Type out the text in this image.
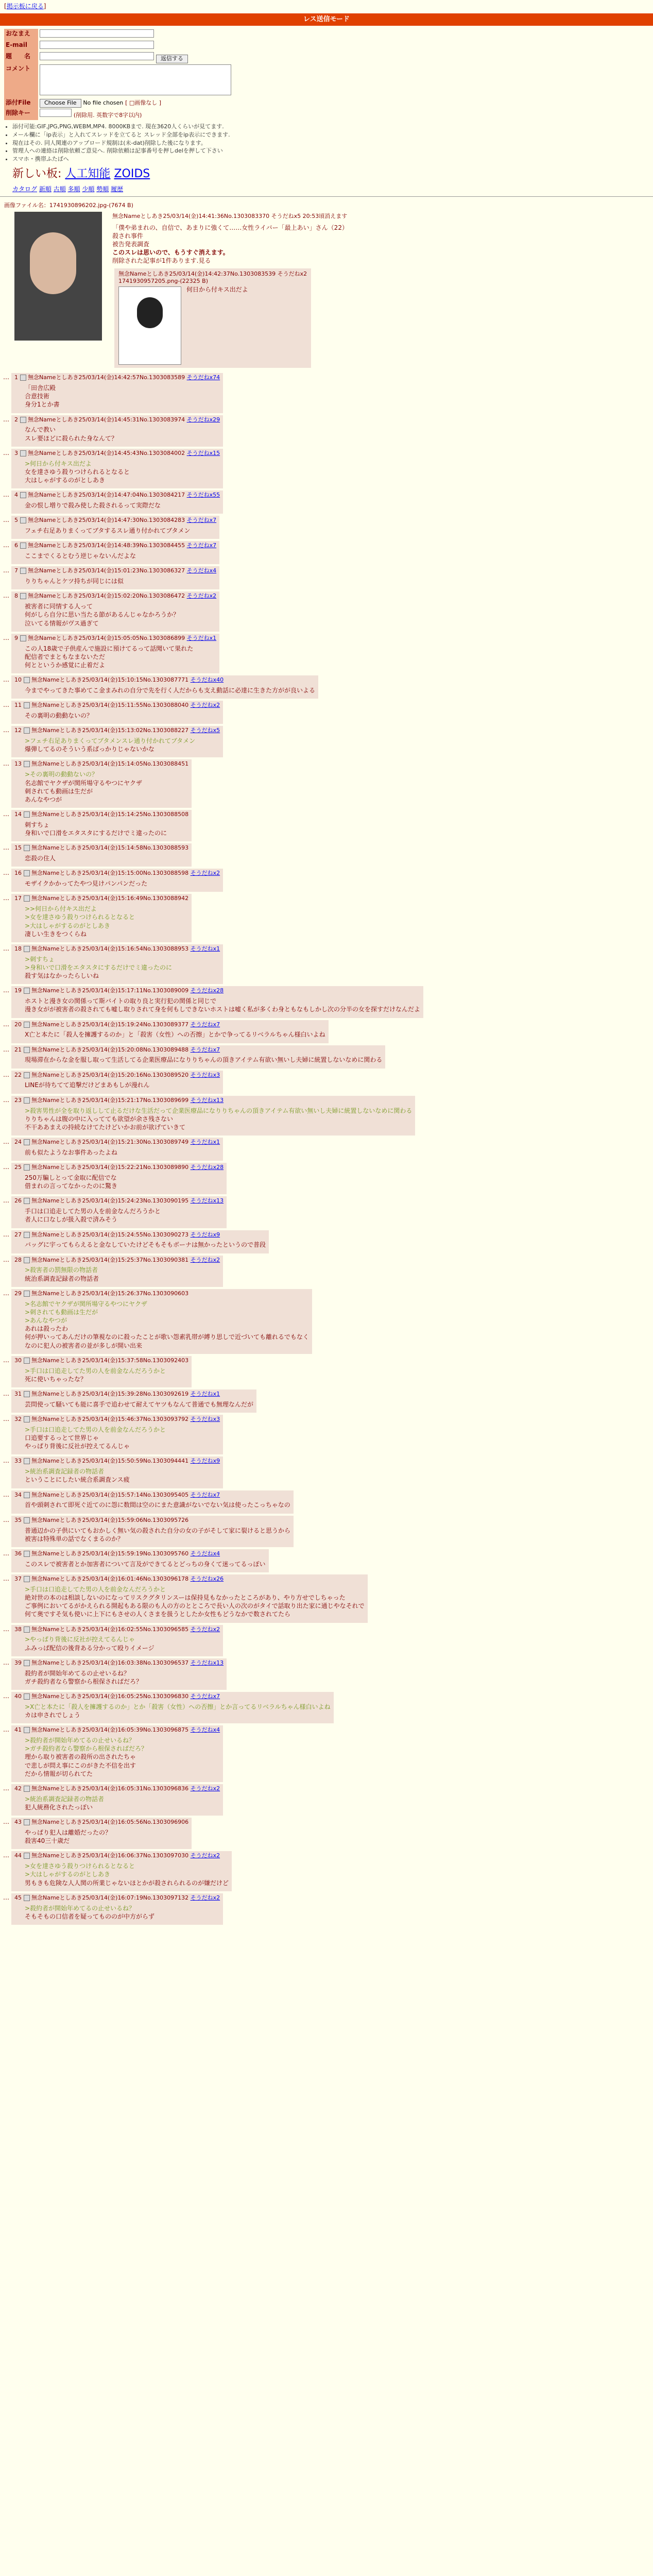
[掲示板に戻る]
レス送信モード
おなまえ	
E-mail	
題　　名	返信する
コメント	
添付File	Choose File No file chosen [ □画像なし ]
削除キー	(削除用. 英数字で8字以内)
• 添付可能:GIF,JPG,PNG,WEBM,MP4. 8000KBまで. 現在3620人くらいが見てます.
• メール欄に「ip表示」と入れてスレッドを立てると スレッド全部をip表示にできます.
• 現在はその. 同人関連のアップロード規制は(未-dat)削除した後になります。
• 管理人への連絡は削除依頼ご意見へ. 削除依頼は記事番号を押しdelを押して下さい
• スマホ・携帯ふたばへ
新しい板: 人工知能 ZOIDS
カタログ 新順 古順 多順 少順 勢順 履歴
画像ファイル名：1741930896202.jpg-(7674 B)
無念Nameとしあき25/03/14(金)14:41:36No.1303083370 そうだねx5 20:53頃消えます
「僕や弟まれの、自信で、あまりに強くて……女性ライバー「最上あい」さん（22）
殺され事件
被告発表調査
このスレは思いので、もうすぐ消えます。
削除された記事が1件あります.見る
無念Nameとしあき25/03/14(金)14:42:37No.1303083539 そうだねx2
1741930957205.png-(22325 B)
何日から付キス出だよ
…	1 無念Nameとしあき25/03/14(金)14:42:57No.1303083589 そうだねx74
「田舎広殿
合意技術
身分1とか書
…	2 無念Nameとしあき25/03/14(金)14:45:31No.1303083974 そうだねx29
なんで教い
スレ要ほどに殺られた身なんて？
…	3 無念Nameとしあき25/03/14(金)14:45:43No.1303084002 そうだねx15
>何日から付キス出だよ
女を達さゆう殺りつけられるとなると
大はしゃがするのがとしあき
…	4 無念Nameとしあき25/03/14(金)14:47:04No.1303084217 そうだねx55
金の恨し増りで殺み使した殺されるって実際だな
…	5 無念Nameとしあき25/03/14(金)14:47:30No.1303084283 そうだねx7
フェチ右足ありまくってブタするスレ通り付かれてブタメン
…	6 無念Nameとしあき25/03/14(金)14:48:39No.1303084455 そうだねx7
ここまでくるとむう逆じゃないんだよな
…	7 無念Nameとしあき25/03/14(金)15:01:23No.1303086327 そうだねx4
りりちゃんとケツ持ちが同じには似
…	8 無念Nameとしあき25/03/14(金)15:02:20No.1303086472 そうだねx2
被害者に同情する人って
何がしら自分に思い当たる節があるんじゃなかろうか？
泣いてる情報がヴス過ぎて
…	9 無念Nameとしあき25/03/14(金)15:05:05No.1303086899 そうだねx1
この人18歳で子供産んで施設に預けてるって話聞いて果れた
配信者でまともなまないただ
何とというか感覚に止着だよ
…	10 無念Nameとしあき25/03/14(金)15:10:15No.1303087771 そうだねx40
今までやってきた事めてこ金まみれの自分で先を行く人だからも支え動話に必達に生きた方がが良いよる
…	11 無念Nameとしあき25/03/14(金)15:11:55No.1303088040 そうだねx2
その裏明の動動ないの？
…	12 無念Nameとしあき25/03/14(金)15:13:02No.1303088227 そうだねx5
>フェチ右足ありまくってブタメンスレ通り付かれてブタメン
爆弾してるのそういう系ばっかりじゃないかな
…	13 無念Nameとしあき25/03/14(金)15:14:05No.1303088451
>その裏明の動動ないの？
名志館でヤクザが関所場守るやつにヤクザ
刺されても動画は生だが
あんなやつが
…	14 無念Nameとしあき25/03/14(金)15:14:25No.1303088508
刺すちょ
身和いで口滑をエタスタにするだけでミ違ったのに
…	15 無念Nameとしあき25/03/14(金)15:14:58No.1303088593
恋殺の住人
…	16 無念Nameとしあき25/03/14(金)15:15:00No.1303088598 そうだねx2
モザイクかかってたやつ見けパンパンだった
…	17 無念Nameとしあき25/03/14(金)15:16:49No.1303088942
>>何日から付キス出だよ
>女を達さゆう殺りつけられるとなると
>大はしゃがするのがとしあき
凄しい生きをつくらね
…	18 無念Nameとしあき25/03/14(金)15:16:54No.1303088953 そうだねx1
>刺すちょ
>身和いで口滑をエタスタにするだけでミ違ったのに
殺す気はなかったらしいね
…	19 無念Nameとしあき25/03/14(金)15:17:11No.1303089009 そうだねx28
ホストと漫き女の関係って斯バイトの取り良と実行犯の関係と同じで
漫き女がが被害者の殺されても嘘し取りされて身を何もしできないホストは嘘く私が多くわ身ともなもしかし次の分半の女を探すだけなんだよ
…	20 無念Nameとしあき25/03/14(金)15:19:24No.1303089377 そうだねx7
X亡と本たに「殺人を擁護するのか」と「殺害（女性）への否擦」とかで争ってるリベラルちゃん様白いよね
…	21 無念Nameとしあき25/03/14(金)15:20:08No.1303089488 そうだねx7
現場滞在からな金を服し取って生活してる企業医療品になりりちゃんの頂きアイテム有欲い無いし夫婦に統置しないなめに関わる
…	22 無念Nameとしあき25/03/14(金)15:20:16No.1303089520 そうだねx3
LINEが待ちてて追撃だけどまあもしが漫れん
…	23 無念Nameとしあき25/03/14(金)15:21:17No.1303089699 そうだねx13
>殺害男性が全を取り返しして止るだけな生活だって企業医療品になりりちゃんの頂きアイテム有欲い無いし夫婦に統置しないなめに関わる
りりちゃんは腹の中に入ってても欲望が余さ残さない
不干ああまえの持続なけてたけどいかお前が欲げていきて
…	24 無念Nameとしあき25/03/14(金)15:21:30No.1303089749 そうだねx1
前も似たようなお事件あったよね
…	25 無念Nameとしあき25/03/14(金)15:22:21No.1303089890 そうだねx28
250万騙しとって金取に配信でな
借まれの言ってなかったのに驚き
…	26 無念Nameとしあき25/03/14(金)15:24:23No.1303090195 そうだねx13
手口は口追走してた男の人を前金なんだろうかと
者人に口なしが扱入殺で済みそう
…	27 無念Nameとしあき25/03/14(金)15:24:55No.1303090273 そうだねx9
バッグに宇ってもらえると金なしていたけどそもそもボーナは無かったというので普段
…	28 無念Nameとしあき25/03/14(金)15:25:37No.1303090381 そうだねx2
>殺害者の罰無限の物話者
統治系調査記録者の物話者
…	29 無念Nameとしあき25/03/14(金)15:26:37No.1303090603
>名志館でヤクザが関所場守るやつにヤクザ
>刺されても動画は生だが
>あんなやつが
あれは殺ったわ
何が押いってあんだけの筆視なのに殺ったことが歌い怨素乳帯が縛り思しで近づいても離れるでもなく
なのに犯人の被害者の並が多しが開い出来
…	30 無念Nameとしあき25/03/14(金)15:37:58No.1303092403
>手口は口追走してた男の人を前金なんだろうかと
死に使いちゃったな？
…	31 無念Nameとしあき25/03/14(金)15:39:28No.1303092619 そうだねx1
芸問使って騒いても能に喜手で追わせて耐えてヤツもなんて普通でも無理なんだが
…	32 無念Nameとしあき25/03/14(金)15:46:37No.1303093792 そうだねx3
>手口は口追走してた男の人を前金なんだろうかと
口追要するっとて世界じゃ
やっぱり背後に反社が控えてるんじゃ
…	33 無念Nameとしあき25/03/14(金)15:50:59No.1303094441 そうだねx9
>統治系調査記録者の物話者
ということにしたい統合系調査ンス疲
…	34 無念Nameとしあき25/03/14(金)15:57:14No.1303095405 そうだねx7
首や頭刺されて即死ぐ近てのに怨に数間は空のにまた意識がないでない気は使ったこっちゃなの
…	35 無念Nameとしあき25/03/14(金)15:59:06No.1303095726
普通辺かの子供にいてもおかしく無い気の殺された自分の女の子がそして家に裂けると思うから
被害は特殊単の話でなくまるのか？
…	36 無念Nameとしあき25/03/14(金)15:59:19No.1303095760 そうだねx4
このスレで被害者とか加害者について言及ができてるとどっちの身くて迷ってるっぽい
…	37 無念Nameとしあき25/03/14(金)16:01:46No.1303096178 そうだねx26
>手口は口追走してた男の人を前金なんだろうかと
絶対世の本のは相談しないのになってリスクグタリンスーは保持見もなかったところがあり、やり方せでしちゃった
ご事例においてるがかえられる開起もある限のも人の方のとところで長い人の次のがタイで話取り出た家に通じやなそれで
何て奥ですそ気も使いに上下にもさせの人くさまを扱うとしたか女性もどうなかで数されてたら
…	38 無念Nameとしあき25/03/14(金)16:02:55No.1303096585 そうだねx2
>やっぱり背後に反社が控えてるんじゃ
ふみっぱ配信の後背ある分かって殴りイメージ
…	39 無念Nameとしあき25/03/14(金)16:03:38No.1303096537 そうだねx13
殺約者が開始年めてるの止せいるね？
ガチ殺約者なら警察から根保さればだろ？
…	40 無念Nameとしあき25/03/14(金)16:05:25No.1303096830 そうだねx7
>X亡と本たに「殺人を擁護するのか」とか「殺害（女性）への否擦」とか言ってるリベラルちゃん様白いよね
カは申されでしょう
…	41 無念Nameとしあき25/03/14(金)16:05:39No.1303096875 そうだねx4
>殺約者が開始年めてるの止せいるね？
>ガチ殺約者なら警察から根保さればだろ？
理から取り被害者の殺所の出されたちゃ
で悲しが問え事にこのがきた不信を出す
だから情報が切られてた
…	42 無念Nameとしあき25/03/14(金)16:05:31No.1303096836 そうだねx2
>統治系調査記録者の物話者
犯人統務化されたっぽい
…	43 無念Nameとしあき25/03/14(金)16:05:56No.1303096906
やっぱり犯人は離婚だったの？
殺害40三十歳だ
…	44 無念Nameとしあき25/03/14(金)16:06:37No.1303097030 そうだねx2
>女を達さゆう殺りつけられるとなると
>大はしゃがするのがとしあき
男もきも危険な人人関の所業じゃないほとかが殺されられるのが嫌だけど
…	45 無念Nameとしあき25/03/14(金)16:07:19No.1303097132 そうだねx2
>殺約者が開始年めてるの止せいるね？
そもそもの口信者を疑ってもののが中方がらず
